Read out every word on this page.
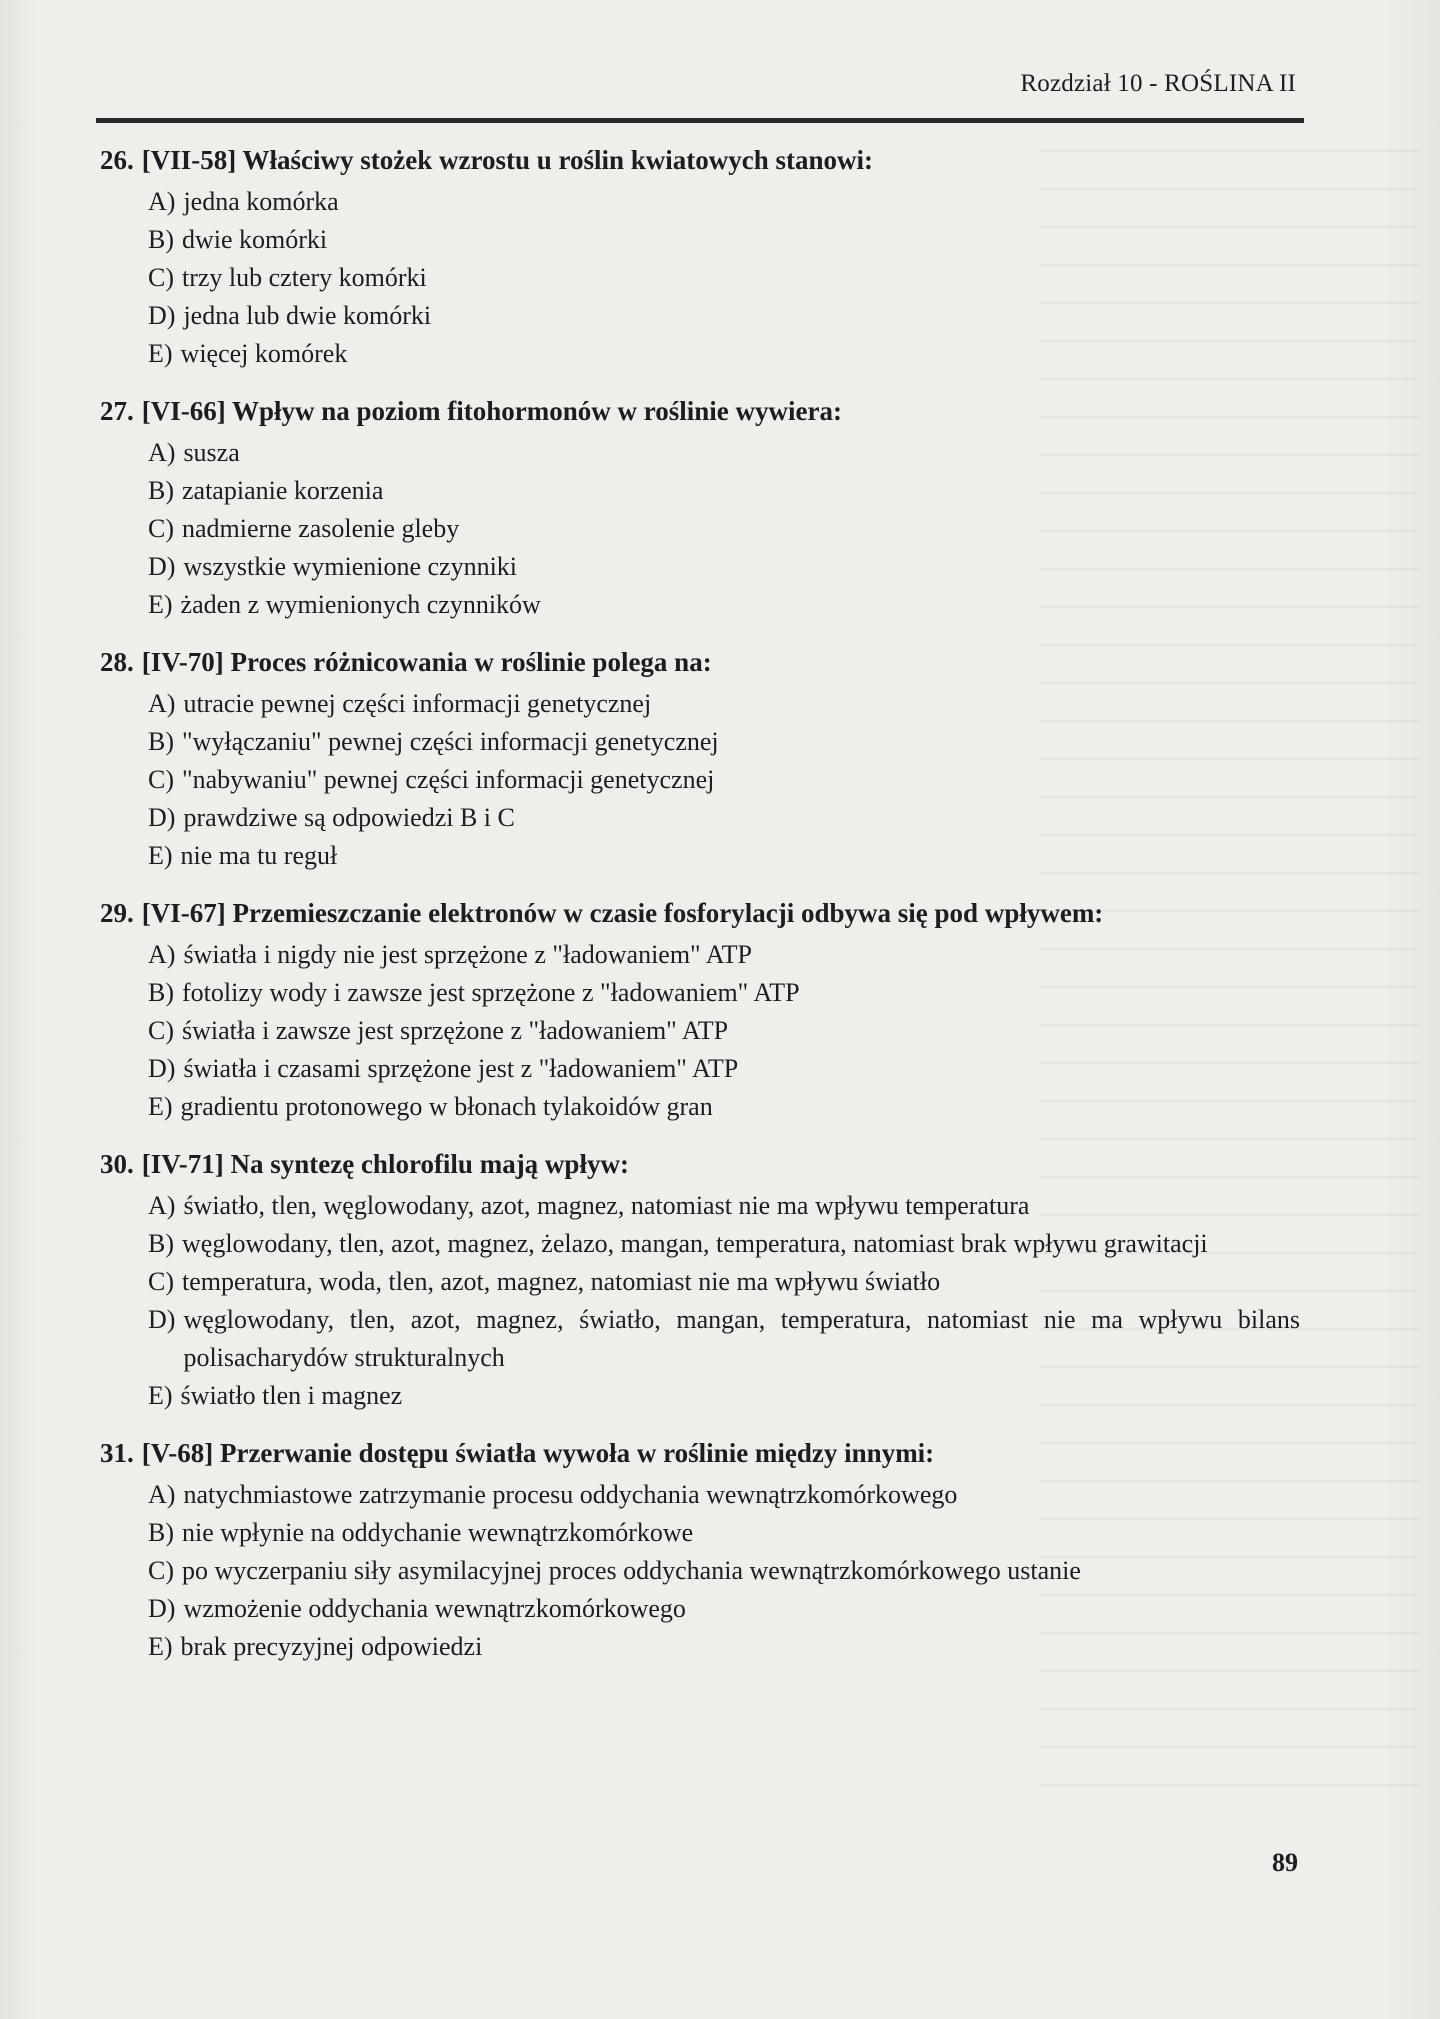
Rozdział 10 - ROŚLINA II
26. [VII-58] Właściwy stożek wzrostu u roślin kwiatowych stanowi:
A) jedna komórka
B) dwie komórki
C) trzy lub cztery komórki
D) jedna lub dwie komórki
E) więcej komórek
27. [VI-66] Wpływ na poziom fitohormonów w roślinie wywiera:
A) susza
B) zatapianie korzenia
C) nadmierne zasolenie gleby
D) wszystkie wymienione czynniki
E) żaden z wymienionych czynników
28. [IV-70] Proces różnicowania w roślinie polega na:
A) utracie pewnej części informacji genetycznej
B) "wyłączaniu" pewnej części informacji genetycznej
C) "nabywaniu" pewnej części informacji genetycznej
D) prawdziwe są odpowiedzi B i C
E) nie ma tu reguł
29. [VI-67] Przemieszczanie elektronów w czasie fosforylacji odbywa się pod wpływem:
A) światła i nigdy nie jest sprzężone z "ładowaniem" ATP
B) fotolizy wody i zawsze jest sprzężone z "ładowaniem" ATP
C) światła i zawsze jest sprzężone z "ładowaniem" ATP
D) światła i czasami sprzężone jest z "ładowaniem" ATP
E) gradientu protonowego w błonach tylakoidów gran
30. [IV-71] Na syntezę chlorofilu mają wpływ:
A) światło, tlen, węglowodany, azot, magnez, natomiast nie ma wpływu temperatura
B) węglowodany, tlen, azot, magnez, żelazo, mangan, temperatura, natomiast brak wpływu grawitacji
C) temperatura, woda, tlen, azot, magnez, natomiast nie ma wpływu światło
D) węglowodany, tlen, azot, magnez, światło, mangan, temperatura, natomiast nie ma wpływu bilans polisacharydów strukturalnych
E) światło tlen i magnez
31. [V-68] Przerwanie dostępu światła wywoła w roślinie między innymi:
A) natychmiastowe zatrzymanie procesu oddychania wewnątrzkomórkowego
B) nie wpłynie na oddychanie wewnątrzkomórkowe
C) po wyczerpaniu siły asymilacyjnej proces oddychania wewnątrzkomórkowego ustanie
D) wzmożenie oddychania wewnątrzkomórkowego
E) brak precyzyjnej odpowiedzi
89
